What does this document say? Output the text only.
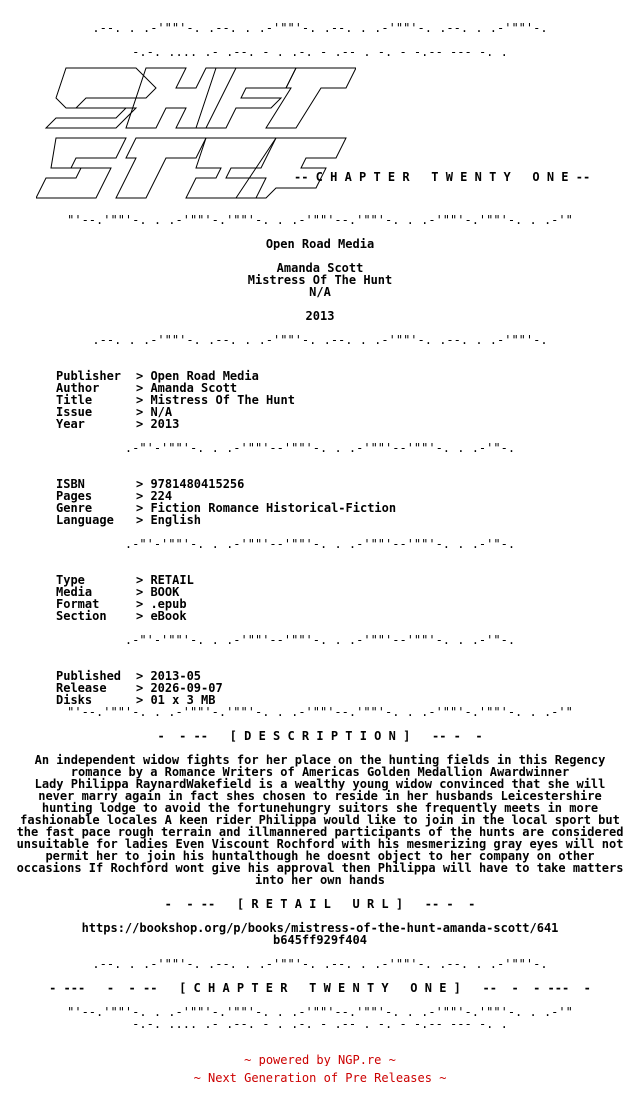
_.--._._.-'""'-._.--._._.-'""'-._.--._._.-'""'-._.--._._.-'""'-._
-.-. .... .- .--. - . .-. - .-- . -. - -.-- --- -. .
-- C H A P T E R   T W E N T Y   O N E --
"'--.'""'-._._.-'""'-.'""'-._._.-'""'--.'""'-._._.-'""'-.'""'-._._.-'"
Open Road Media
Amanda Scott
Mistress Of The Hunt
N/A
2013
_.--._._.-'""'-._.--._._.-'""'-._.--._._.-'""'-._.--._._.-'""'-._
Publisher > Open Road Media
Author	> Amanda Scott
Title	> Mistress Of The Hunt
Issue	> N/A
Year	> 2013
_.-"'-'""'-._._.-'""'--'""'-._._.-'""'--'""'-._._.-'"-._
ISBN	> 9781480415256
Pages	> 224
Genre	> Fiction Romance Historical-Fiction
Language > English
_.-"'-'""'-._._.-'""'--'""'-._._.-'""'--'""'-._._.-'"-._
Type	> RETAIL
Media	> BOOK
Format	> .epub
Section > eBook
_.-"'-'""'-._._.-'""'--'""'-._._.-'""'--'""'-._._.-'"-._
Published > 2013-05
Release > 2026-09-07
Disks	> 01 x 3 MB
"'--.'""'-._._.-'""'-.'""'-._._.-'""'--.'""'-._._.-'""'-.'""'-._._.-'"
-  - --   [ D E S C R I P T I O N ]   -- -  -

An independent widow fights for her place on the hunting fields in this Regency romance by a Romance Writers of Americas Golden Medallion Awardwinner

Lady Philippa RaynardWakefield is a wealthy young widow convinced that she will never marry again in fact shes chosen to reside in her husbands Leicestershire hunting lodge to avoid the fortunehungry suitors she frequently meets in more fashionable locales A keen rider Philippa would like to join in the local sport but the fast pace rough terrain and illmannered participants of the hunts are considered unsuitable for ladies Even Viscount Rochford with his mesmerizing gray eyes will not permit her to join his huntalthough he doesnt object to her company on other occasions If Rochford wont give his approval then Philippa will have to take matters into her own hands

-  - --   [ R E T A I L   U R L ]   -- -  -
https://bookshop.org/p/books/mistress-of-the-hunt-amanda-scott/641b645ff929f404
_.--._._.-'""'-._.--._._.-'""'-._.--._._.-'""'-._.--._._.-'""'-._
- ---   -  - --   [ C H A P T E R   T W E N T Y   O N E ]   --  -  - ---  -
"'--.'""'-._._.-'""'-.'""'-._._.-'""'--.'""'-._._.-'""'-.'""'-._._.-'"
-.-. .... .- .--. - . .-. - .-- . -. - -.-- --- -. .
~ powered by NGP.re ~
~ Next Generation of Pre Releases ~
